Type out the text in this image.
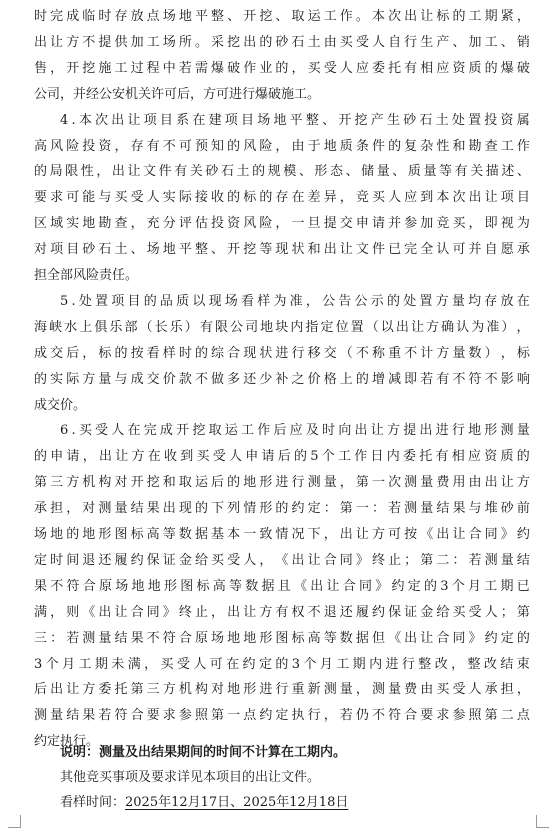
时 完 成 临 时 存 放 点 场 地 平 整 、 开 挖 、 取 运 工 作 。 本 次 出 让 标 的 工 期 紧 ，
出 让 方 不 提 供 加 工 场 所 。 采 挖 出 的 砂 石 土 由 买 受 人 自 行 生 产 、 加 工 、 销
售 ， 开 挖 施 工 过 程 中 若 需 爆 破 作 业 的 ， 买 受 人 应 委 托 有 相 应 资 质 的 爆 破
公司，并经公安机关许可后，方可进行爆破施工。
4 . 本 次 出 让 项 目 系 在 建 项 目 场 地 平 整 、 开 挖 产 生 砂 石 土 处 置 投 资 属
高 风 险 投 资 ， 存 有 不 可 预 知 的 风 险 ， 由 于 地 质 条 件 的 复 杂 性 和 勘 查 工 作
的 局 限 性 ， 出 让 文 件 有 关 砂 石 土 的 规 模 、 形 态 、 储 量 、 质 量 等 有 关 描 述 、
要 求 可 能 与 买 受 人 实 际 接 收 的 标 的 存 在 差 异 ， 竞 买 人 应 到 本 次 出 让 项 目
区 域 实 地 勘 查 ， 充 分 评 估 投 资 风 险 ， 一 旦 提 交 申 请 并 参 加 竞 买 ， 即 视 为
对 项 目 砂 石 土 、 场 地 平 整 、 开 挖 等 现 状 和 出 让 文 件 已 完 全 认 可 并 自 愿 承
担全部风险责任。
5 . 处 置 项 目 的 品 质 以 现 场 看 样 为 准 ， 公 告 公 示 的 处 置 方 量 均 存 放 在
海 峡 水 上 俱 乐 部 （ 长 乐 ） 有 限 公 司 地 块 内 指 定 位 置 （ 以 出 让 方 确 认 为 准 ） ，
成 交 后 ， 标 的 按 看 样 时 的 综 合 现 状 进 行 移 交 （ 不 称 重 不 计 方 量 数 ） ， 标
的 实 际 方 量 与 成 交 价 款 不 做 多 还 少 补 之 价 格 上 的 增 减 即 若 有 不 符 不 影 响
成交价。
6 . 买 受 人 在 完 成 开 挖 取 运 工 作 后 应 及 时 向 出 让 方 提 出 进 行 地 形 测 量
的 申 请 ， 出 让 方 在 收 到 买 受 人 申 请 后 的 5 个 工 作 日 内 委 托 有 相 应 资 质 的
第 三 方 机 构 对 开 挖 和 取 运 后 的 地 形 进 行 测 量 ， 第 一 次 测 量 费 用 由 出 让 方
承 担 ， 对 测 量 结 果 出 现 的 下 列 情 形 的 约 定 ： 第 一 ： 若 测 量 结 果 与 堆 砂 前
场 地 的 地 形 图 标 高 等 数 据 基 本 一 致 情 况 下 ， 出 让 方 可 按 《 出 让 合 同 》 约
定 时 间 退 还 履 约 保 证 金 给 买 受 人 ， 《 出 让 合 同 》 终 止 ； 第 二 ： 若 测 量 结
果 不 符 合 原 场 地 地 形 图 标 高 等 数 据 且 《 出 让 合 同 》 约 定 的 3 个 月 工 期 已
满 ， 则 《 出 让 合 同 》 终 止 ， 出 让 方 有 权 不 退 还 履 约 保 证 金 给 买 受 人 ； 第
三 ： 若 测 量 结 果 不 符 合 原 场 地 地 形 图 标 高 等 数 据 但 《 出 让 合 同 》 约 定 的
3 个 月 工 期 未 满 ， 买 受 人 可 在 约 定 的 3 个 月 工 期 内 进 行 整 改 ， 整 改 结 束
后 出 让 方 委 托 第 三 方 机 构 对 地 形 进 行 重 新 测 量 ， 测 量 费 由 买 受 人 承 担 ，
测 量 结 果 若 符 合 要 求 参 照 第 一 点 约 定 执 行 ， 若 仍 不 符 合 要 求 参 照 第 二 点
约定执行。
说明：测量及出结果期间的时间不计算在工期内。
其他竞买事项及要求详见本项目的出让文件。
看样时间： 2025年12月17日、2025年12月18日
